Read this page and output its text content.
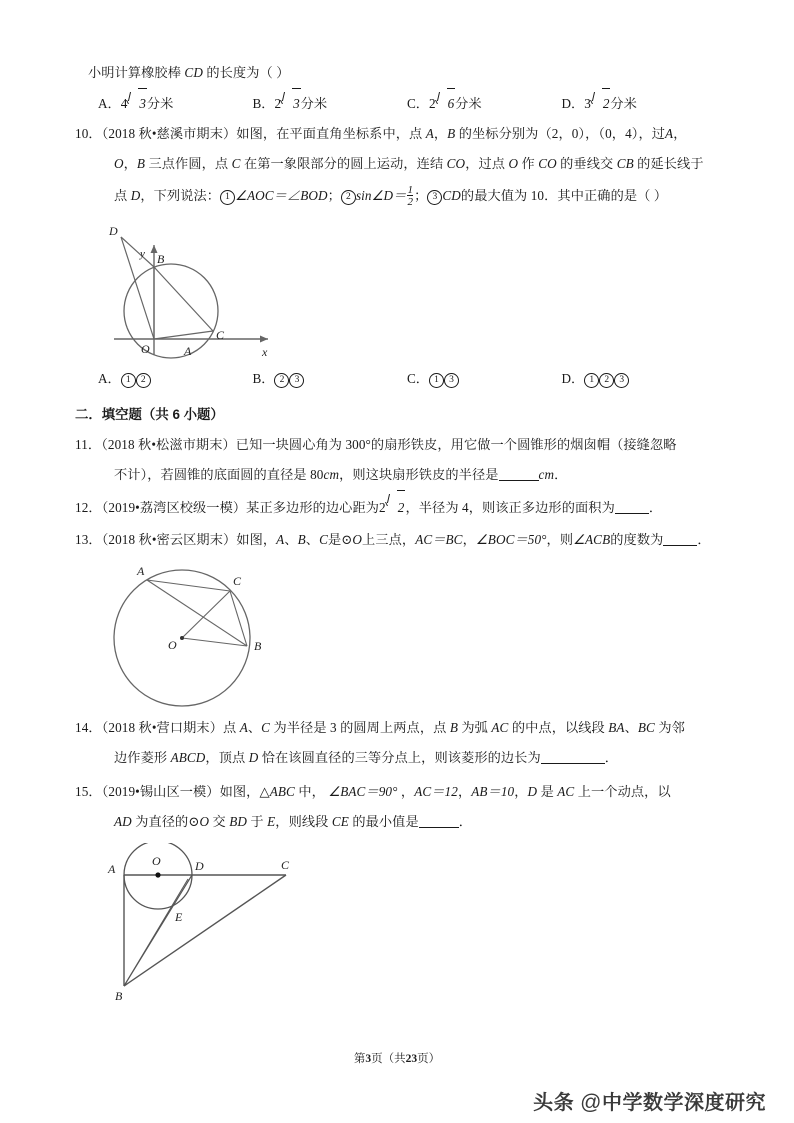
小明计算橡胶棒 CD 的长度为（ ）
A．4 3分米	B．2 3分米	C．2 6分米	D．3 2分米
10．（2018 秋•慈溪市期末）如图，在平面直角坐标系中，点 A，B 的坐标分别为（2，0），（0，4），过A，
O，B 三点作圆，点 C 在第一象限部分的圆上运动，连结 CO，过点 O 作 CO 的垂线交 CB 的延长线于
点 D，下列说法： 1 ∠AOC＝∠BOD； 2 $\sin\angle D=\frac{1}{2}$； 3 CD的最大值为 10．其中正确的是（ ）
D
y B
C
O	A	x
A． 1 2	B． 2 3	C． 1 3	D． 1 2 3
二．填空题（共 6 小题）
11．（2018 秋•松滋市期末）已知一块圆心角为 300°的扇形铁皮，用它做一个圆锥形的烟囱帽（接缝忽略
不计），若圆锥的底面圆的直径是 80cm，则这块扇形铁皮的半径是	cm．
12．（2019•荔湾区校级一模）某正多边形的边心距为2 2，半径为 4，则该正多边形的面积为	．
13．（2018 秋•密云区期末）如图，A、B、C是⊙O上三点，AC＝BC，∠BOC＝50°，则∠ACB的度数为	．
A
C
B
O
14．（2018 秋•营口期末）点 A、C 为半径是 3 的圆周上两点，点 B 为弧 AC 的中点，以线段 BA、BC 为邻
边作菱形 ABCD，顶点 D 恰在该圆直径的三等分点上，则该菱形的边长为	．
15．（2019•锡山区一模）如图，△ABC 中， ∠BAC＝90° ，AC＝12，AB＝10，D 是 AC 上一个动点，以
AD 为直径的⊙O 交 BD 于 E，则线段 CE 的最小值是	．
A
O	D	C
E
B
第3页（共23页）
头条 @中学数学深度研究
